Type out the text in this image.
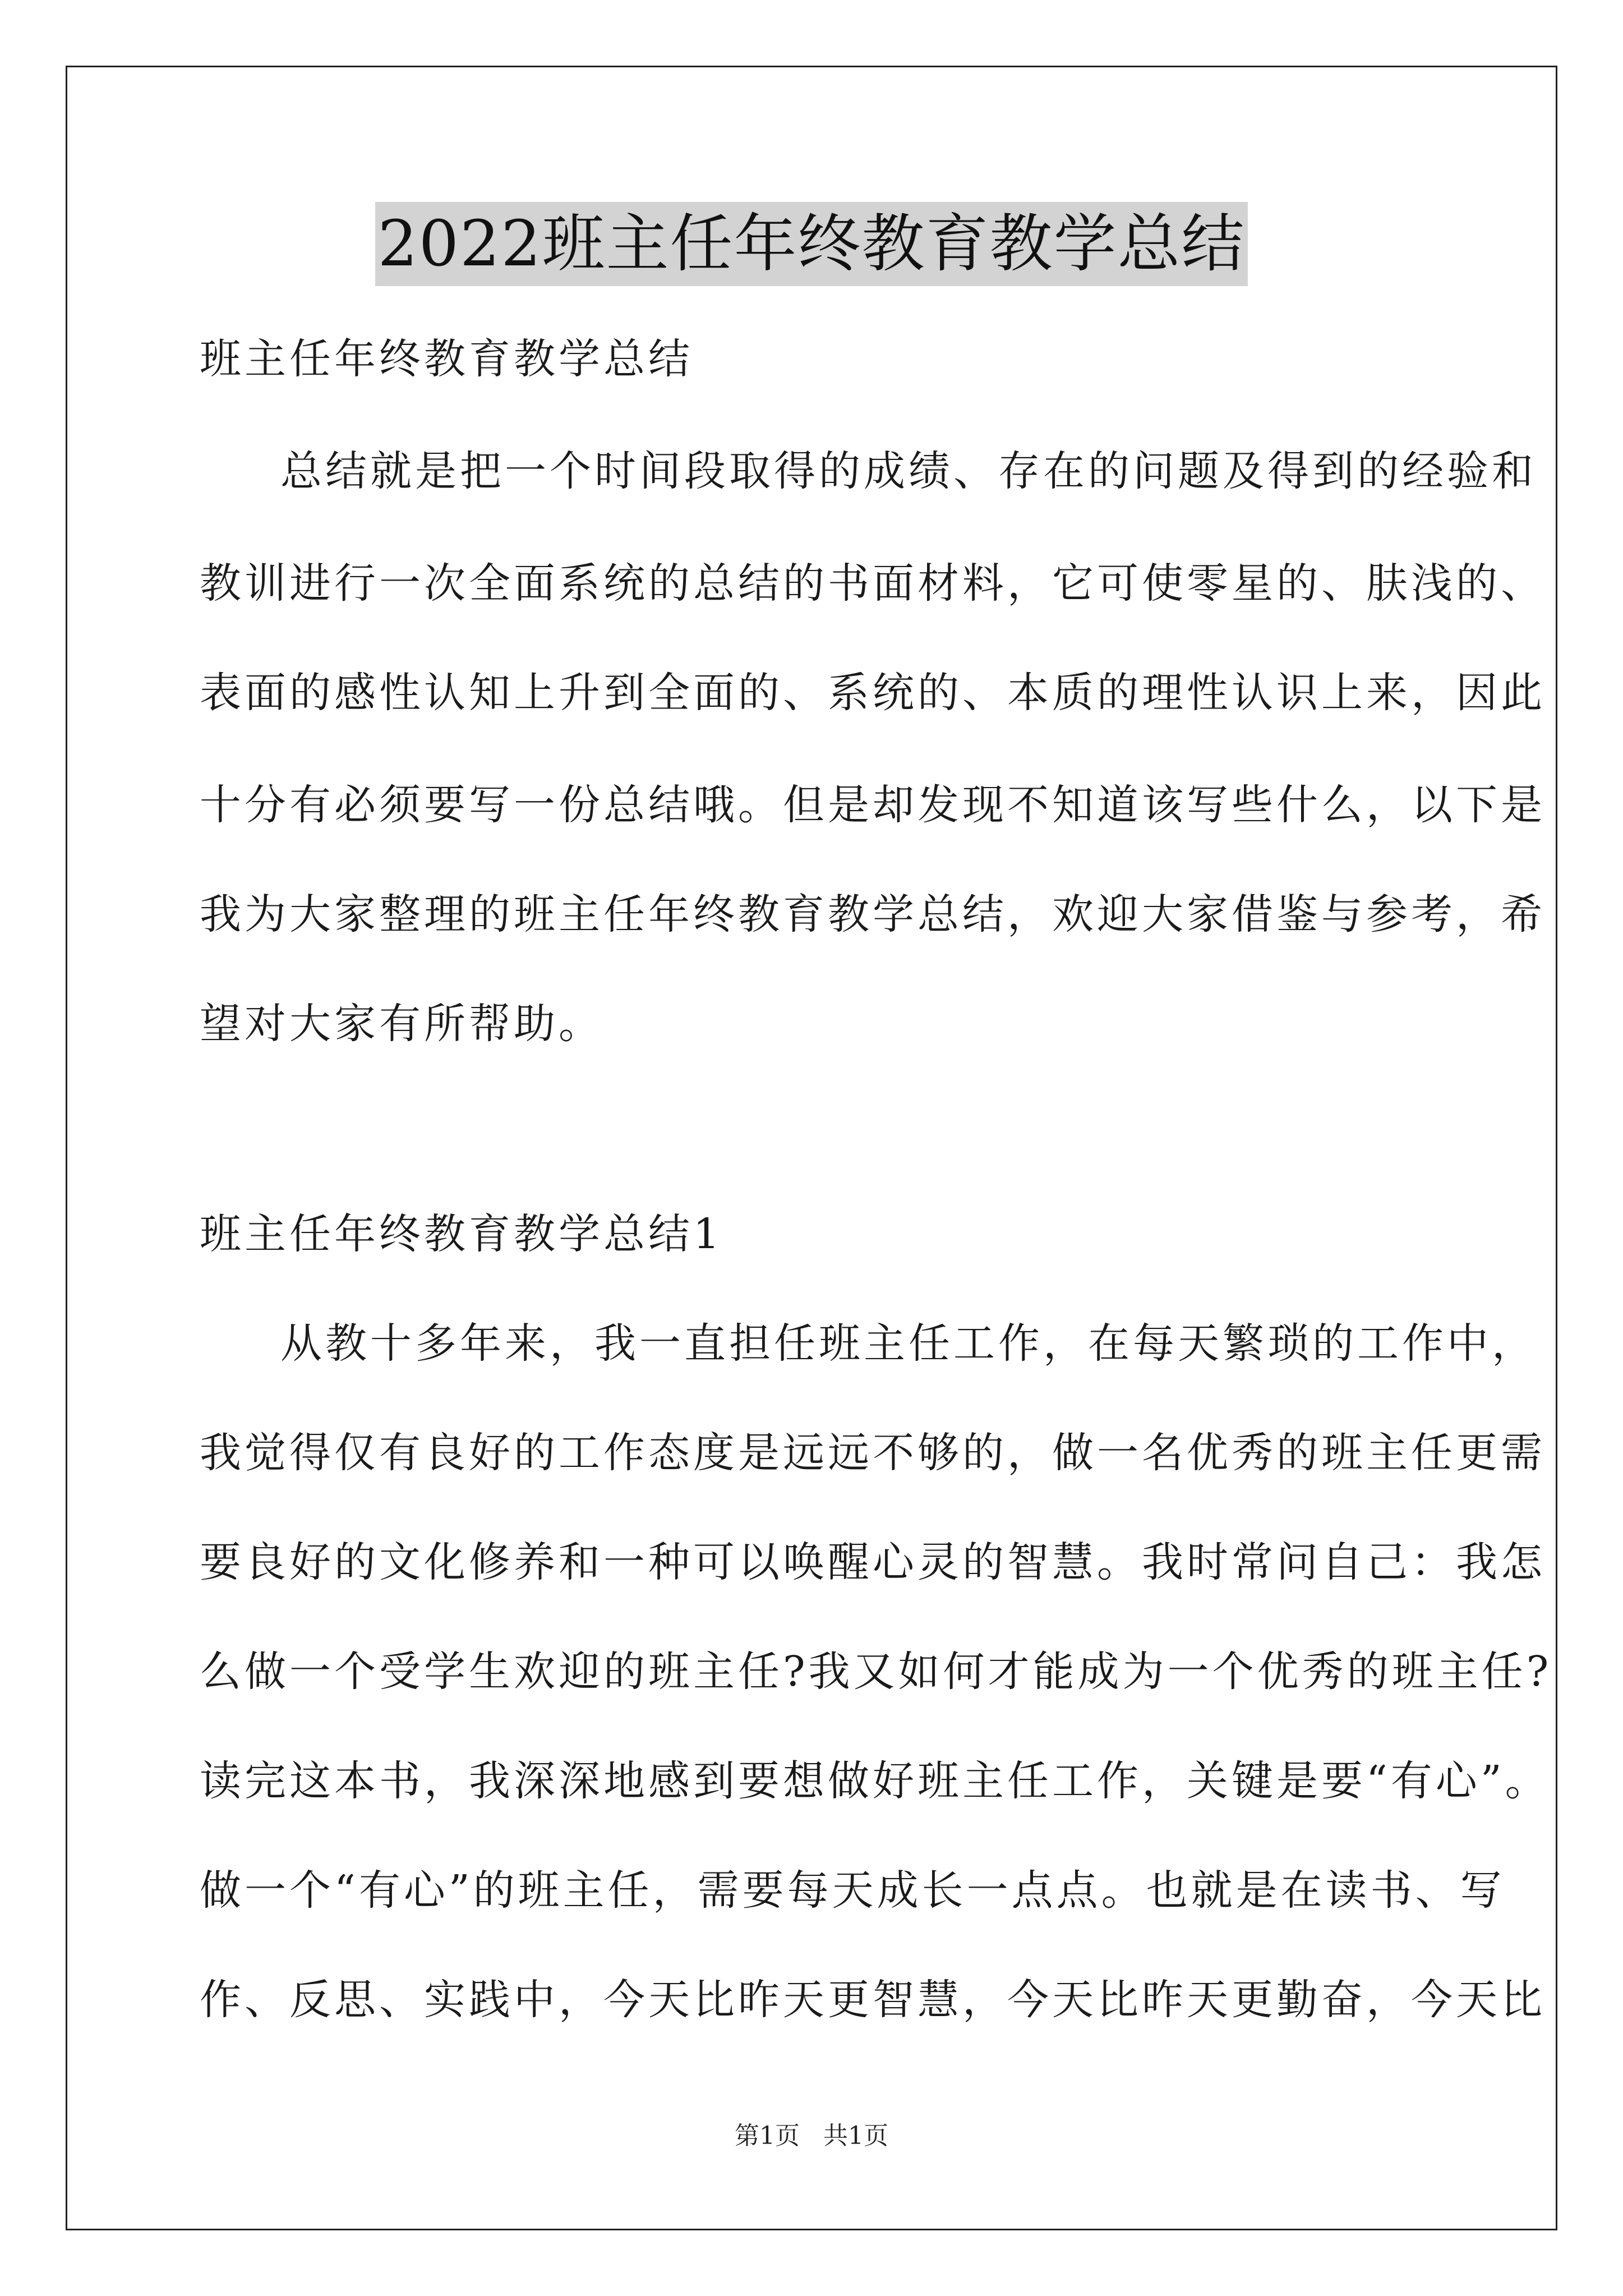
2022班主任年终教育教学总结
班主任年终教育教学总结
总结就是把一个时间段取得的成绩、存在的问题及得到的经验和
教训进行一次全面系统的总结的书面材料，它可使零星的、肤浅的、
表面的感性认知上升到全面的、系统的、本质的理性认识上来，因此
十分有必须要写一份总结哦。但是却发现不知道该写些什么，以下是
我为大家整理的班主任年终教育教学总结，欢迎大家借鉴与参考，希
望对大家有所帮助。
班主任年终教育教学总结1
从教十多年来，我一直担任班主任工作，在每天繁琐的工作中，
我觉得仅有良好的工作态度是远远不够的，做一名优秀的班主任更需
要良好的文化修养和一种可以唤醒心灵的智慧。我时常问自己：我怎
么做一个受学生欢迎的班主任?我又如何才能成为一个优秀的班主任?
读完这本书，我深深地感到要想做好班主任工作，关键是要“有心”。
做一个“有心”的班主任，需要每天成长一点点。也就是在读书、写
作、反思、实践中，今天比昨天更智慧，今天比昨天更勤奋，今天比
第1页   共1页
